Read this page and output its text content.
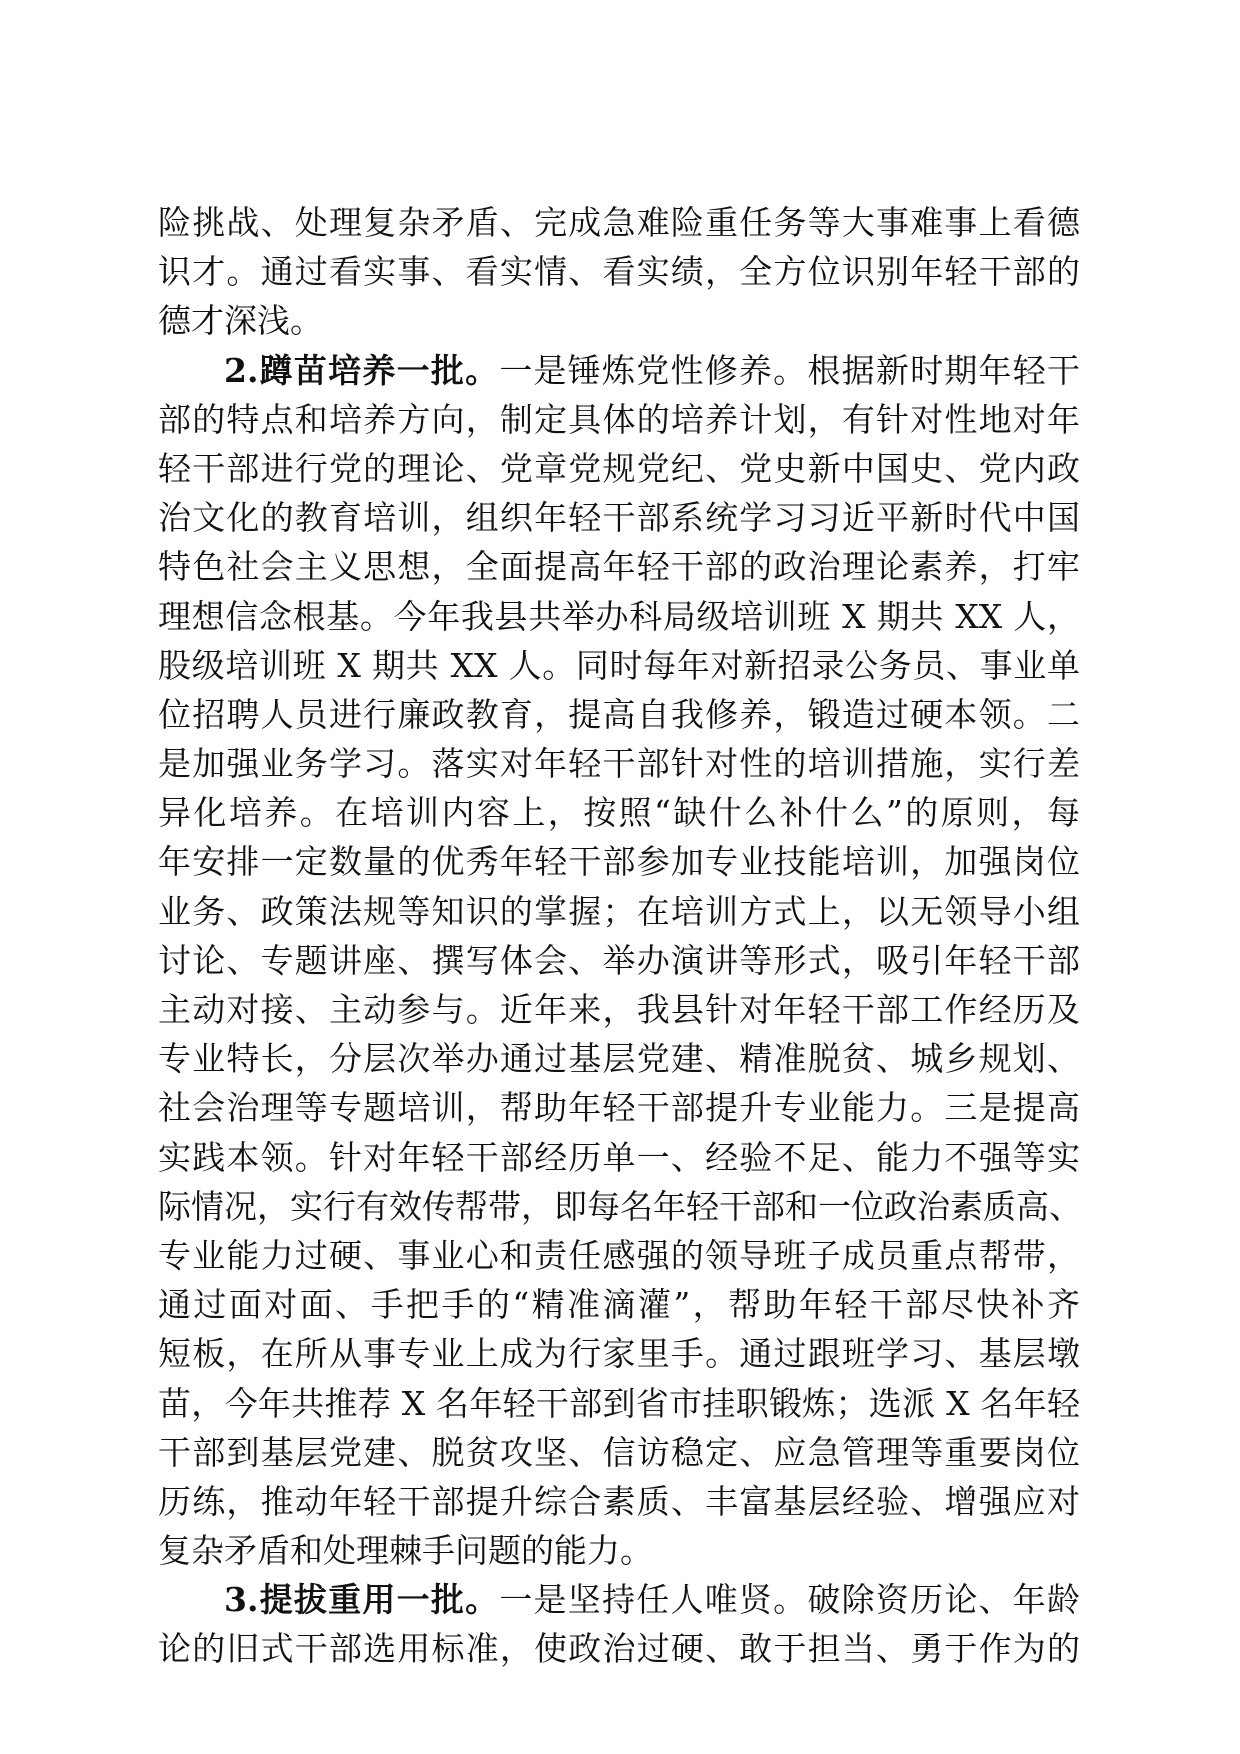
险挑战、处理复杂矛盾、完成急难险重任务等大事难事上看德
识才。通过看实事、看实情、看实绩，全方位识别年轻干部的
德才深浅。
2.蹲苗培养一批。一是锤炼党性修养。根据新时期年轻干
部的特点和培养方向，制定具体的培养计划，有针对性地对年
轻干部进行党的理论、党章党规党纪、党史新中国史、党内政
治文化的教育培训，组织年轻干部系统学习习近平新时代中国
特色社会主义思想，全面提高年轻干部的政治理论素养，打牢
理想信念根基。今年我县共举办科局级培训班 X 期共 XX 人，
股级培训班 X 期共 XX 人。同时每年对新招录公务员、事业单
位招聘人员进行廉政教育，提高自我修养，锻造过硬本领。二
是加强业务学习。落实对年轻干部针对性的培训措施，实行差
异化培养。在培训内容上，按照“缺什么补什么”的原则，每
年安排一定数量的优秀年轻干部参加专业技能培训，加强岗位
业务、政策法规等知识的掌握；在培训方式上，以无领导小组
讨论、专题讲座、撰写体会、举办演讲等形式，吸引年轻干部
主动对接、主动参与。近年来，我县针对年轻干部工作经历及
专业特长，分层次举办通过基层党建、精准脱贫、城乡规划、
社会治理等专题培训，帮助年轻干部提升专业能力。三是提高
实践本领。针对年轻干部经历单一、经验不足、能力不强等实
际情况，实行有效传帮带，即每名年轻干部和一位政治素质高、
专业能力过硬、事业心和责任感强的领导班子成员重点帮带，
通过面对面、手把手的“精准滴灌”，帮助年轻干部尽快补齐
短板，在所从事专业上成为行家里手。通过跟班学习、基层墩
苗，今年共推荐 X 名年轻干部到省市挂职锻炼；选派 X 名年轻
干部到基层党建、脱贫攻坚、信访稳定、应急管理等重要岗位
历练，推动年轻干部提升综合素质、丰富基层经验、增强应对
复杂矛盾和处理棘手问题的能力。
3.提拔重用一批。一是坚持任人唯贤。破除资历论、年龄
论的旧式干部选用标准，使政治过硬、敢于担当、勇于作为的
